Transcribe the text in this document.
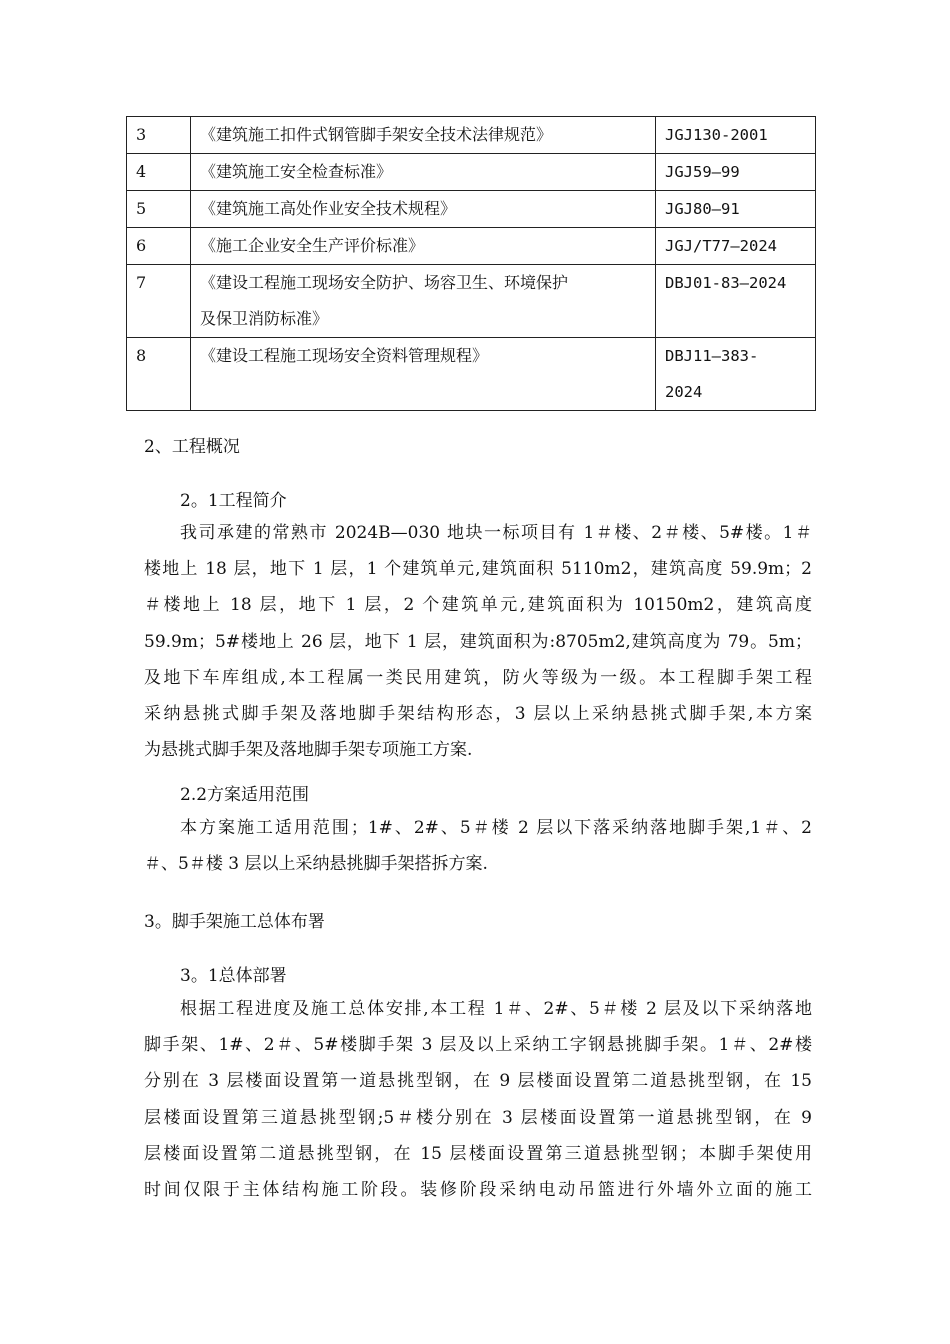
3	《建筑施工扣件式钢管脚手架安全技术法律规范》	JGJ130-2001
4	《建筑施工安全检查标准》	JGJ59—99
5	《建筑施工高处作业安全技术规程》	JGJ80—91
6	《施工企业安全生产评价标准》	JGJ/T77—2024
7	《建设工程施工现场安全防护、场容卫生、环境保护
及保卫消防标准》	DBJ01-83—2024
8	《建设工程施工现场安全资料管理规程》	DBJ11—383-
2024
2、工程概况
2。1工程简介
我司承建的常熟市 2024B—030 地块一标项目有 1＃楼、2＃楼、5#楼。1＃
楼地上 18 层，地下 1 层，1 个建筑单元,建筑面积 5110m2，建筑高度 59.9m；2
＃楼地上 18 层，地下 1 层，2 个建筑单元,建筑面积为 10150m2，建筑高度
59.9m；5#楼地上 26 层，地下 1 层，建筑面积为:8705m2,建筑高度为 79。5m；
及地下车库组成,本工程属一类民用建筑，防火等级为一级。本工程脚手架工程
采纳悬挑式脚手架及落地脚手架结构形态，3 层以上采纳悬挑式脚手架,本方案
为悬挑式脚手架及落地脚手架专项施工方案.
2.2方案适用范围
本方案施工适用范围；1#、2#、5＃楼 2 层以下落采纳落地脚手架,1＃、2
＃、5＃楼 3 层以上采纳悬挑脚手架搭拆方案.
3。脚手架施工总体布署
3。1总体部署
根据工程进度及施工总体安排,本工程 1＃、2#、5＃楼 2 层及以下采纳落地
脚手架、1#、2＃、5#楼脚手架 3 层及以上采纳工字钢悬挑脚手架。1＃、2#楼
分别在 3 层楼面设置第一道悬挑型钢，在 9 层楼面设置第二道悬挑型钢，在 15
层楼面设置第三道悬挑型钢;5＃楼分别在 3 层楼面设置第一道悬挑型钢，在 9
层楼面设置第二道悬挑型钢，在 15 层楼面设置第三道悬挑型钢；本脚手架使用
时间仅限于主体结构施工阶段。装修阶段采纳电动吊篮进行外墙外立面的施工
